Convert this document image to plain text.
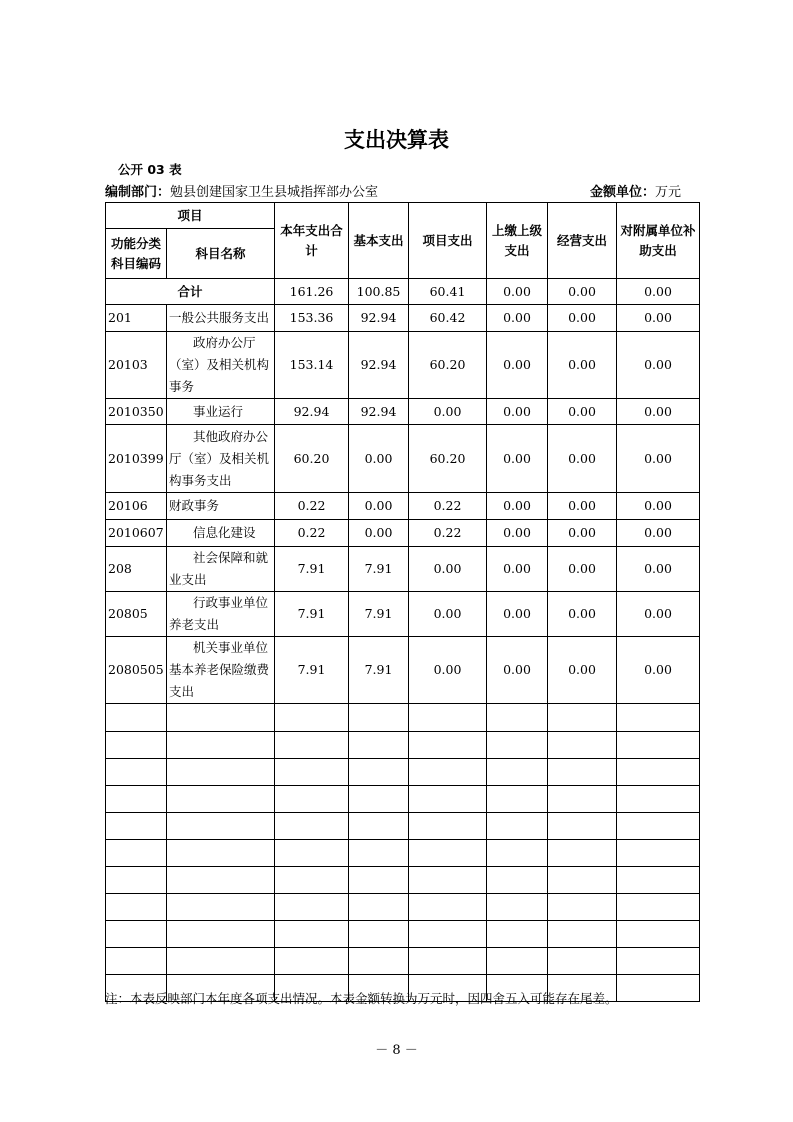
支出决算表
公开 03 表
编制部门：勉县创建国家卫生县城指挥部办公室	金额单位：万元
项目		本年支出合计	基本支出	项目支出	上缴上级支出	经营支出	对附属单位补助支出
功能分类科目编码	科目名称						
合计		161.26	100.85	60.41	0.00	0.00	0.00
201	一般公共服务支出	153.36	92.94	60.42	0.00	0.00	0.00
20103	政府办公厅（室）及相关机构事务	153.14	92.94	60.20	0.00	0.00	0.00
2010350	事业运行	92.94	92.94	0.00	0.00	0.00	0.00
2010399	其他政府办公厅（室）及相关机构事务支出	60.20	0.00	60.20	0.00	0.00	0.00
20106	财政事务	0.22	0.00	0.22	0.00	0.00	0.00
2010607	信息化建设	0.22	0.00	0.22	0.00	0.00	0.00
208	社会保障和就业支出	7.91	7.91	0.00	0.00	0.00	0.00
20805	行政事业单位养老支出	7.91	7.91	0.00	0.00	0.00	0.00
2080505	机关事业单位基本养老保险缴费支出	7.91	7.91	0.00	0.00	0.00	0.00

注：本表反映部门本年度各项支出情况。本表金额转换为万元时，因四舍五入可能存在尾差。
－ 8 －
